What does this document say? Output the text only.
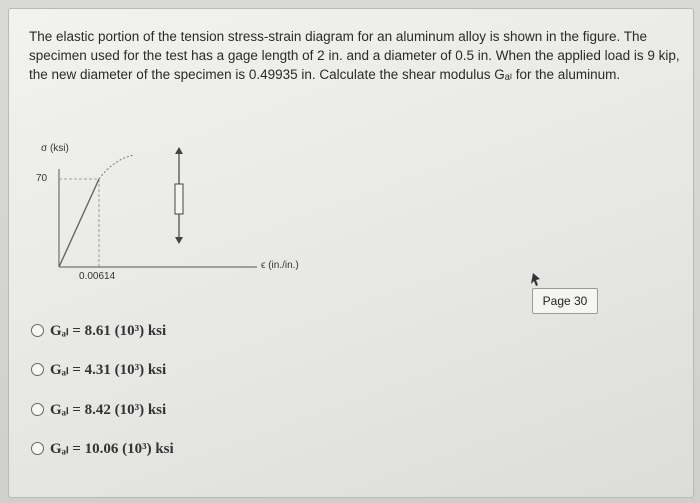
The elastic portion of the tension stress-strain diagram for an aluminum alloy is shown in the figure. The specimen used for the test has a gage length of 2 in. and a diameter of 0.5 in. When the applied load is 9 kip, the new diameter of the specimen is 0.49935 in. Calculate the shear modulus Gₐₗ for the aluminum.
σ (ksi)
70
0.00614
ϵ (in./in.)
Page 30
Gₐₗ = 8.61 (10³) ksi
Gₐₗ = 4.31 (10³) ksi
Gₐₗ = 8.42 (10³) ksi
Gₐₗ = 10.06 (10³) ksi
